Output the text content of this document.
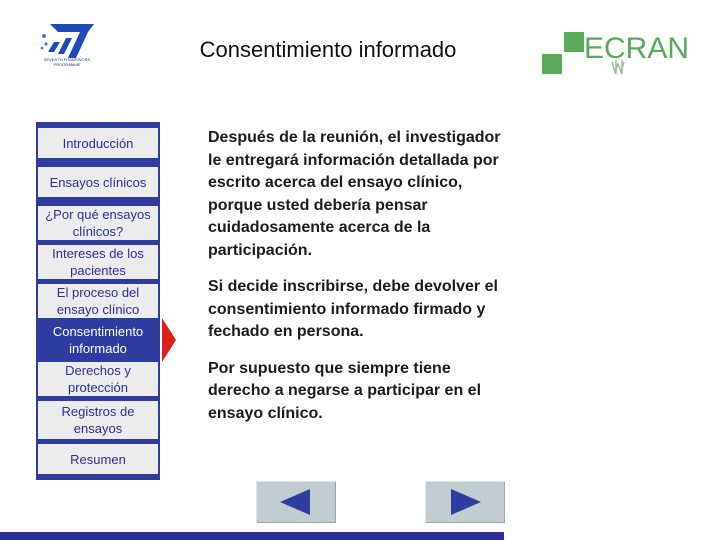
SEVENTH FRAMEWORK PROGRAMME
Consentimiento informado	ECRAN
Introducción
Ensayos clínicos
¿Por qué ensayos clínicos?
Intereses de los pacientes
El proceso del ensayo clínico
Consentimiento informado
Derechos y protección
Registros de ensayos
Resumen

Después de la reunión, el investigador le entregará información detallada por escrito acerca del ensayo clínico, porque usted debería pensar cuidadosamente acerca de la participación.

Si decide inscribirse, debe devolver el consentimiento informado firmado y fechado en persona.

Por supuesto que siempre tiene derecho a negarse a participar en el ensayo clínico.
